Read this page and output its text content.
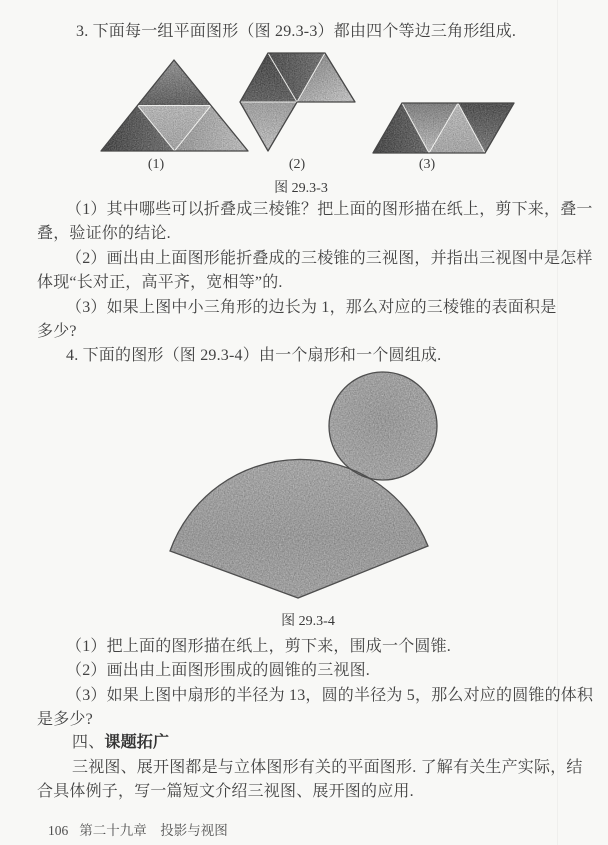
3. 下面每一组平面图形（图 29.3-3）都由四个等边三角形组成.
(1)	(2)	(3)
图 29.3-3
（1）其中哪些可以折叠成三棱锥？把上面的图形描在纸上，剪下来，叠一
叠，验证你的结论.
（2）画出由上面图形能折叠成的三棱锥的三视图，并指出三视图中是怎样
体现“长对正，高平齐，宽相等”的.
（3）如果上图中小三角形的边长为 1，那么对应的三棱锥的表面积是
多少?
4. 下面的图形（图 29.3-4）由一个扇形和一个圆组成.
图 29.3-4
（1）把上面的图形描在纸上，剪下来，围成一个圆锥.
（2）画出由上面图形围成的圆锥的三视图.
（3）如果上图中扇形的半径为 13，圆的半径为 5，那么对应的圆锥的体积
是多少?
四、课题拓广
三视图、展开图都是与立体图形有关的平面图形. 了解有关生产实际，结
合具体例子，写一篇短文介绍三视图、展开图的应用.
106 第二十九章　投影与视图
